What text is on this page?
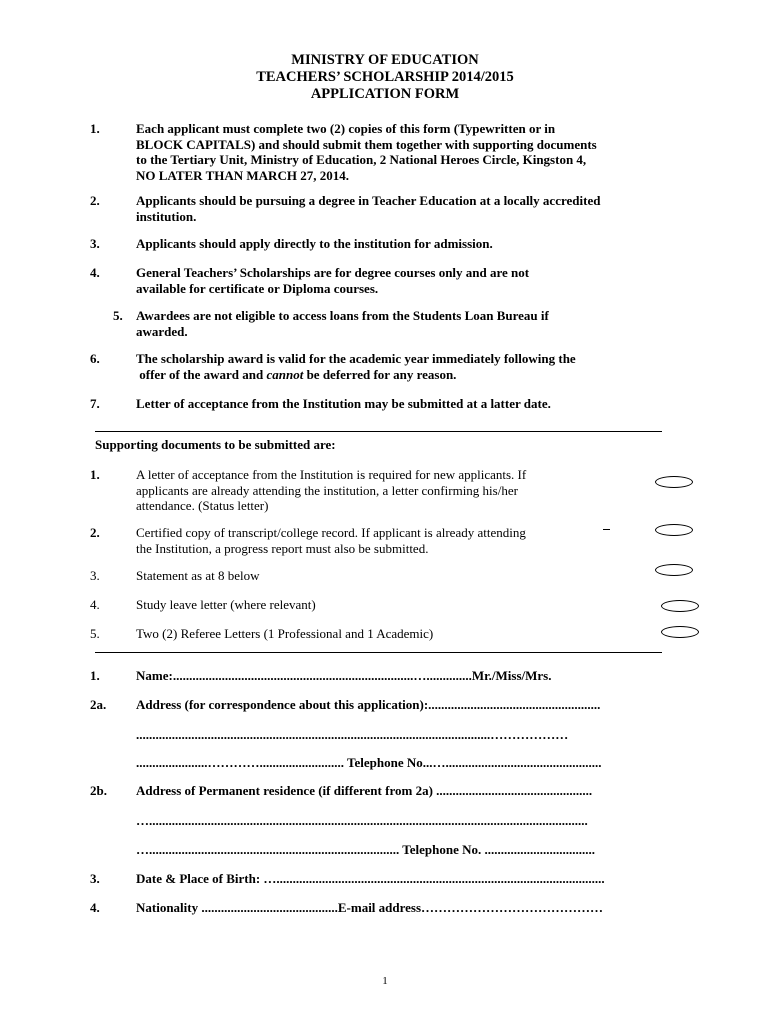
MINISTRY OF EDUCATION
TEACHERS’ SCHOLARSHIP 2014/2015
APPLICATION FORM
1.	Each applicant must complete two (2) copies of this form (Typewritten or in
BLOCK CAPITALS) and should submit them together with supporting documents
to the Tertiary Unit, Ministry of Education, 2 National Heroes Circle, Kingston 4,
NO LATER THAN MARCH 27, 2014.
2.	Applicants should be pursuing a degree in Teacher Education at a locally accredited
institution.
3.	Applicants should apply directly to the institution for admission.
4.	General Teachers’ Scholarships are for degree courses only and are not
available for certificate or Diploma courses.
5. Awardees are not eligible to access loans from the Students Loan Bureau if
awarded.
6.	The scholarship award is valid for the academic year immediately following the
offer of the award and cannot be deferred for any reason.
7.	Letter of acceptance from the Institution may be submitted at a latter date.
Supporting documents to be submitted are:
1.	A letter of acceptance from the Institution is required for new applicants. If
applicants are already attending the institution, a letter confirming his/her
attendance. (Status letter)
2.	Certified copy of transcript/college record. If applicant is already attending
the Institution, a progress report must also be submitted.
3.	Statement as at 8 below
4.	Study leave letter (where relevant)
5.	Two (2) Referee Letters (1 Professional and 1 Academic)
1.	Name:..........................................................................…..............Mr./Miss/Mrs.
2a. Address (for correspondence about this application):.....................................................
.............................................................................................................………………
......................………….......................... Telephone No...…................................................
2b. Address of Permanent residence (if different from 2a) ................................................
….......................................................................................................................................
…............................................................................. Telephone No. ..................................
3.	Date & Place of Birth: ….....................................................................................................
4.	Nationality ..........................................E-mail address……………………………………
1
